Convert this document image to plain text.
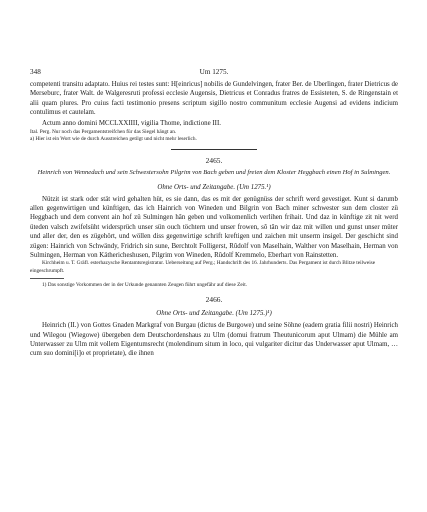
348	Um 1275.

competenti transitu adaptato. Huius rei testes sunt: H[einricus] nobilis de Gundelvingen, frater Ber. de Uberlingen, frater Dietricus de Merseburc, frater Walt. de Walgeresruti professi ecclesie Augensis, Dietricus et Conradus fratres de Essisteten, S. de Ringenstain et alii quam plures. Pro cuius facti testimonio presens scriptum sigillo nostro communitum ecclesie Augensi ad evidens indicium contulimus et cautelam.

Actum anno domini MCCLXXIIII, vigilia Thome, indictione III.
Ital. Perg. Nur noch das Pergamentstreifchen für das Siegel hängt an.
a) Hier ist ein Wort wie de durch Ausstreichen getilgt und nicht mehr leserlich.
2465.

Heinrich von Wennedach und sein Schwestersohn Pilgrim von Bach geben und freien dem Kloster Heggbach einen Hof in Sulmingen.

Ohne Orts- und Zeitangabe. (Um 1275.¹)

Nützit ist stark oder stät wird gehalten hüt, es sie dann, das es mit der genügnüss der schrift werd gevestiget. Kunt si darumb allen gegenwirtigen und künftigen, das ich Hainrich von Wineden und Bilgrin von Bach miner schwester sun dem closter zü Heggbach und dem convent ain hof zü Sulmingen hân geben und volkomenlich verlihen frihait. Und daz in künftige zit nit werd üteden valsch zwifelsüht widersprüch unser sün ouch töchtern und unser frowen, sô tân wir daz mit willen und gunst unser müter und aller der, den es zügehört, und wöllen diss gegenwirtige schrift kreftigen und zaichen mit unserm insigel. Der geschicht sind zügen: Hainrich von Schwändy, Fridrich sin sune, Berchtolt Folligerst, Rûdolf von Maselhain, Walther von Maselhain, Herman von Sulmingen, Herman von Käthericheshusen, Pilgrim von Wineden, Rûdolf Kremmelo, Eberhart von Rainstetten.

Kirchheim u. T. Gräfl. esterhazysche Rentamtsregistratur. Ueberseitung auf Perg.; Handschrift des 16. Jahrhunderts. Das Pergament ist durch Blitze teilweise eingeschrumpft.
1) Das sonstige Vorkommen der in der Urkunde genannten Zeugen führt ungefähr auf diese Zeit.
2466.
Ohne Orts- und Zeitangabe. (Um 1275.)¹)

Heinrich (II.) von Gottes Gnaden Markgraf von Burgau (dictus de Burgowe) und seine Söhne (eadem gratia filii nostri) Heinrich und Wilegou (Wiegowe) übergeben dem Deutschordenshaus zu Ulm (domui fratrum Theutunicorum aput Ulmam) die Mühle am Unterwasser zu Ulm mit vollem Eigentumsrecht (molendinum situm in loco, qui vulgariter dicitur das Underwasser aput Ulmam, …cum suo domini[i]o et proprietate), die ihnen
